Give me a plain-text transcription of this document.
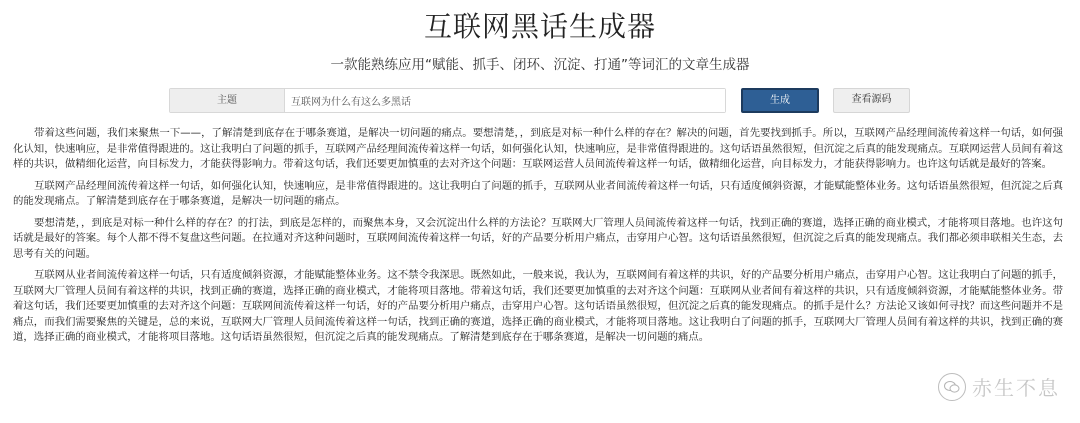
互联网黑话生成器
一款能熟练应用“赋能、抓手、闭环、沉淀、打通”等词汇的文章生成器
主题
互联网为什么有这么多黑话	生成	查看源码

带着这些问题，我们来聚焦一下——，了解清楚到底存在于哪条赛道，是解决一切问题的痛点。要想清楚，，到底是对标一种什么样的存在？解决的问题，首先要找到抓手。所以，互联网产品经理间流传着这样一句话，如何强化认知，快速响应，是非常值得跟进的。这让我明白了问题的抓手，互联网产品经理间流传着这样一句话，如何强化认知，快速响应，是非常值得跟进的。这句话语虽然很短，但沉淀之后真的能发现痛点。互联网运营人员间有着这样的共识，做精细化运营，向目标发力，才能获得影响力。带着这句话，我们还要更加慎重的去对齐这个问题：互联网运营人员间流传着这样一句话，做精细化运营，向目标发力，才能获得影响力。也许这句话就是最好的答案。

互联网产品经理间流传着这样一句话，如何强化认知，快速响应，是非常值得跟进的。这让我明白了问题的抓手，互联网从业者间流传着这样一句话，只有适度倾斜资源，才能赋能整体业务。这句话语虽然很短，但沉淀之后真的能发现痛点。了解清楚到底存在于哪条赛道，是解决一切问题的痛点。

要想清楚，，到底是对标一种什么样的存在？的打法，到底是怎样的，而聚焦本身，又会沉淀出什么样的方法论？互联网大厂管理人员间流传着这样一句话，找到正确的赛道，选择正确的商业模式，才能将项目落地。也许这句话就是最好的答案。每个人都不得不复盘这些问题。在拉通对齐这种问题时，互联网间流传着这样一句话，好的产品要分析用户痛点，击穿用户心智。这句话语虽然很短，但沉淀之后真的能发现痛点。我们都必须串联相关生态，去思考有关的问题。

互联网从业者间流传着这样一句话，只有适度倾斜资源，才能赋能整体业务。这不禁令我深思。既然如此，一般来说，我认为，互联网间有着这样的共识，好的产品要分析用户痛点，击穿用户心智。这让我明白了问题的抓手，互联网大厂管理人员间有着这样的共识，找到正确的赛道，选择正确的商业模式，才能将项目落地。带着这句话，我们还要更加慎重的去对齐这个问题：互联网从业者间有着这样的共识，只有适度倾斜资源，才能赋能整体业务。带着这句话，我们还要更加慎重的去对齐这个问题：互联网间流传着这样一句话，好的产品要分析用户痛点，击穿用户心智。这句话语虽然很短，但沉淀之后真的能发现痛点。的抓手是什么？方法论又该如何寻找？而这些问题并不是痛点，而我们需要聚焦的关键是，总的来说，互联网大厂管理人员间流传着这样一句话，找到正确的赛道，选择正确的商业模式，才能将项目落地。这让我明白了问题的抓手，互联网大厂管理人员间有着这样的共识，找到正确的赛道，选择正确的商业模式，才能将项目落地。这句话语虽然很短，但沉淀之后真的能发现痛点。了解清楚到底存在于哪条赛道，是解决一切问题的痛点。

赤生不息
